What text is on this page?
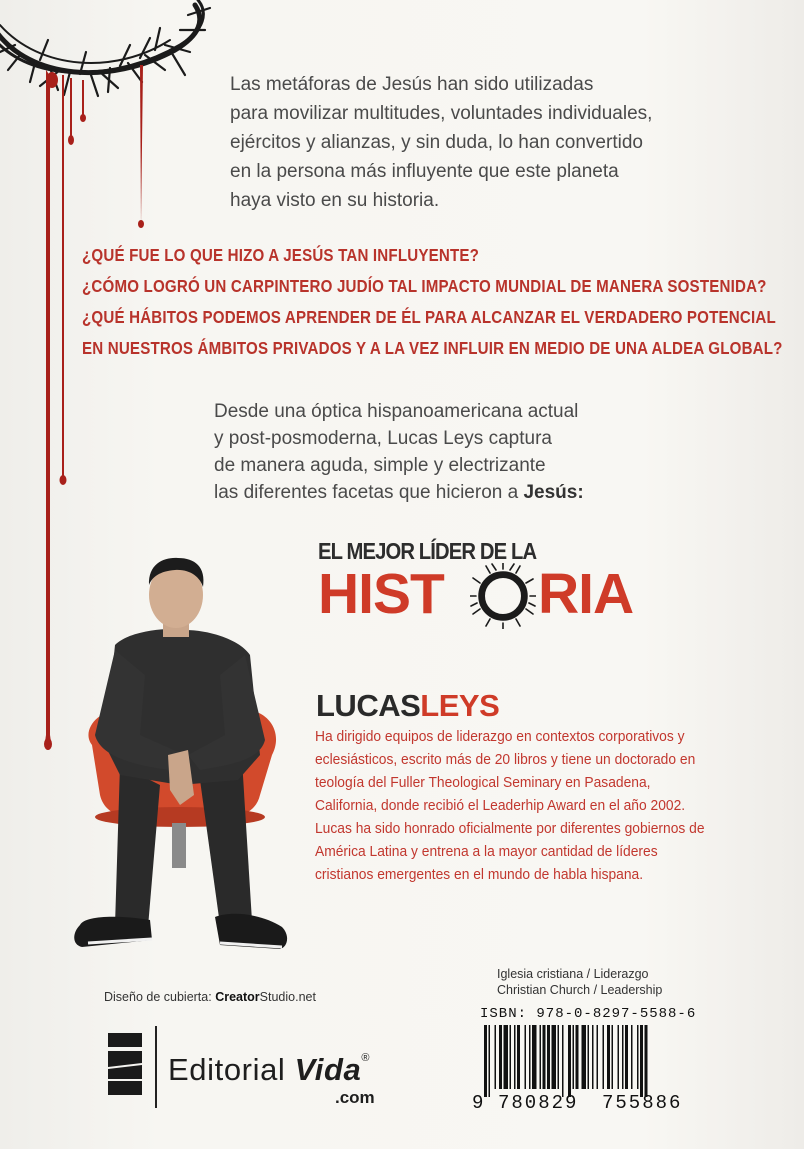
Las metáforas de Jesús han sido utilizadas

para movilizar multitudes, voluntades individuales,

ejércitos y alianzas, y sin duda, lo han convertido

en la persona más influyente que este planeta

haya visto en su historia.

¿QUÉ FUE LO QUE HIZO A JESÚS TAN INFLUYENTE?
¿CÓMO LOGRÓ UN CARPINTERO JUDÍO TAL IMPACTO MUNDIAL DE MANERA SOSTENIDA?
¿QUÉ HÁBITOS PODEMOS APRENDER DE ÉL PARA ALCANZAR EL VERDADERO POTENCIAL
EN NUESTROS ÁMBITOS PRIVADOS Y A LA VEZ INFLUIR EN MEDIO DE UNA ALDEA GLOBAL?
Desde una óptica hispanoamericana actual
y post-posmoderna, Lucas Leys captura
de manera aguda, simple y electrizante
las diferentes facetas que hicieron a Jesús:
EL MEJOR LÍDER DE LA
HIST RIA
LUCASLEYS
Ha dirigido equipos de liderazgo en contextos corporativos y eclesiásticos, escrito más de 20 libros y tiene un doctorado en teología del Fuller Theological Seminary en Pasadena, California, donde recibió el Leaderhip Award en el año 2002. Lucas ha sido honrado oficialmente por diferentes gobiernos de América Latina y entrena a la mayor cantidad de líderes cristianos emergentes en el mundo de habla hispana.
Diseño de cubierta: CreatorStudio.net
Editorial Vida®
.com
Iglesia cristiana / Liderazgo
Christian Church / Leadership
ISBN: 978-0-8297-5588-6
9 780829 755886
